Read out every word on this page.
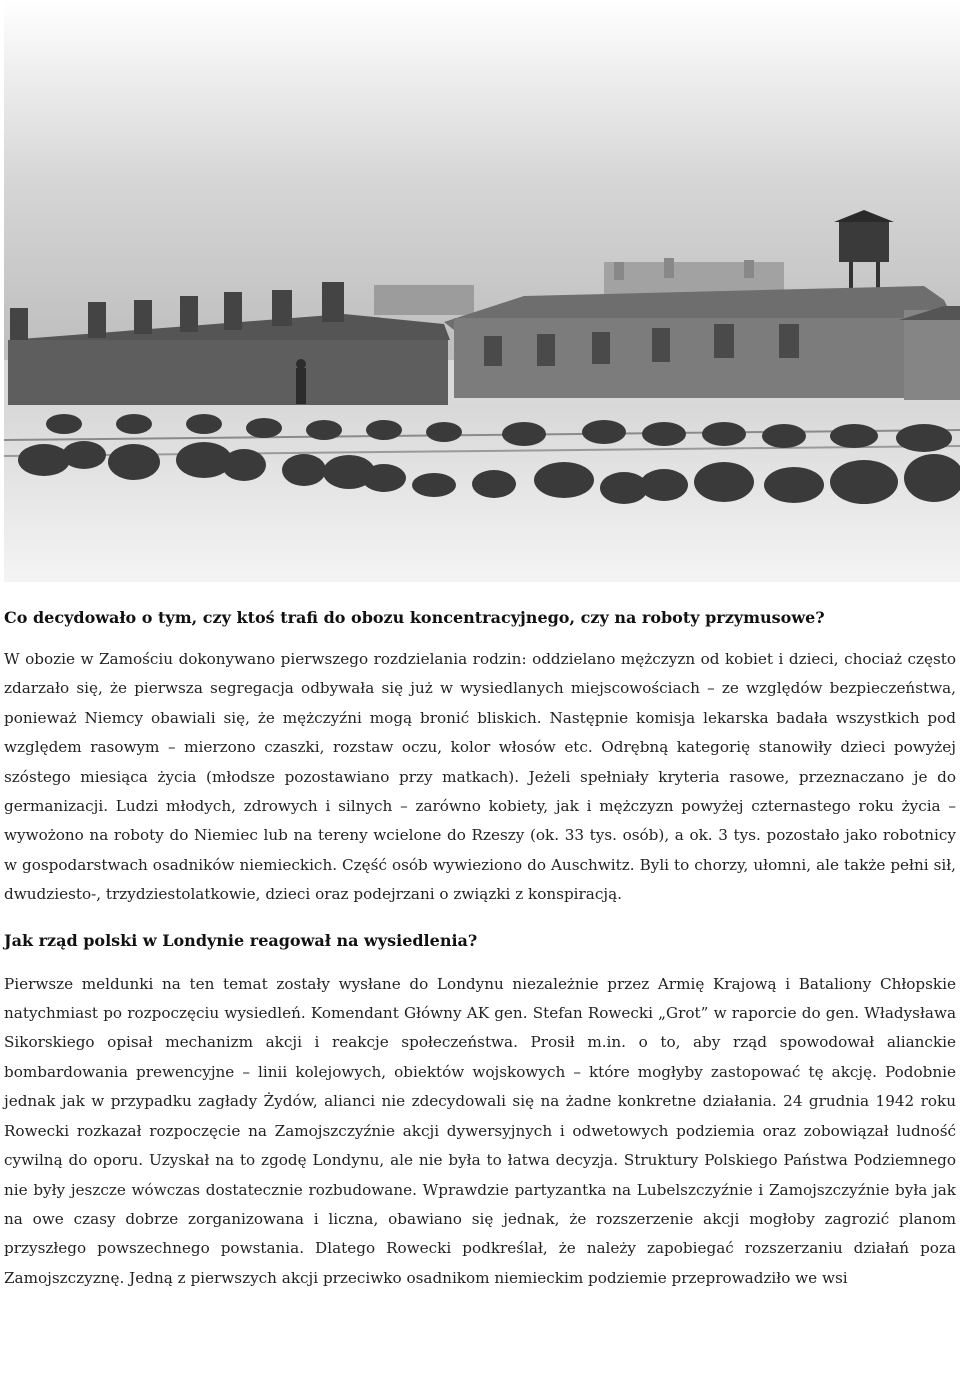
Co decydowało o tym, czy ktoś trafi do obozu koncentracyjnego, czy na roboty przymusowe?

W obozie w Zamościu dokonywano pierwszego rozdzielania rodzin: oddzielano mężczyzn od kobiet i dzieci, chociaż często zdarzało się, że pierwsza segregacja odbywała się już w wysiedlanych miejscowościach – ze względów bezpieczeństwa, ponieważ Niemcy obawiali się, że mężczyźni mogą bronić bliskich. Następnie komisja lekarska badała wszystkich pod względem rasowym – mierzono czaszki, rozstaw oczu, kolor włosów etc. Odrębną kategorię stanowiły dzieci powyżej szóstego miesiąca życia (młodsze pozostawiano przy matkach). Jeżeli spełniały kryteria rasowe, przeznaczano je do germanizacji. Ludzi młodych, zdrowych i silnych – zarówno kobiety, jak i mężczyzn powyżej czternastego roku życia – wywożono na roboty do Niemiec lub na tereny wcielone do Rzeszy (ok. 33 tys. osób), a ok. 3 tys. pozostało jako robotnicy w gospodarstwach osadników niemieckich. Część osób wywieziono do Auschwitz. Byli to chorzy, ułomni, ale także pełni sił, dwudziesto-, trzydziestolatkowie, dzieci oraz podejrzani o związki z konspiracją.

Jak rząd polski w Londynie reagował na wysiedlenia?

Pierwsze meldunki na ten temat zostały wysłane do Londynu niezależnie przez Armię Krajową i Bataliony Chłopskie natychmiast po rozpoczęciu wysiedleń. Komendant Główny AK gen. Stefan Rowecki „Grot” w raporcie do gen. Władysława Sikorskiego opisał mechanizm akcji i reakcje społeczeństwa. Prosił m.in. o to, aby rząd spowodował alianckie bombardowania prewencyjne – linii kolejowych, obiektów wojskowych – które mogłyby zastopować tę akcję. Podobnie jednak jak w przypadku zagłady Żydów, alianci nie zdecydowali się na żadne konkretne działania. 24 grudnia 1942 roku Rowecki rozkazał rozpoczęcie na Zamojszczyźnie akcji dywersyjnych i odwetowych podziemia oraz zobowiązał ludność cywilną do oporu. Uzyskał na to zgodę Londynu, ale nie była to łatwa decyzja. Struktury Polskiego Państwa Podziemnego nie były jeszcze wówczas dostatecznie rozbudowane. Wprawdzie partyzantka na Lubelszczyźnie i Zamojszczyźnie była jak na owe czasy dobrze zorganizowana i liczna, obawiano się jednak, że rozszerzenie akcji mogłoby zagrozić planom przyszłego powszechnego powstania. Dlatego Rowecki podkreślał, że należy zapobiegać rozszerzaniu działań poza Zamojszczyznę. Jedną z pierwszych akcji przeciwko osadnikom niemieckim podziemie przeprowadziło we wsi
